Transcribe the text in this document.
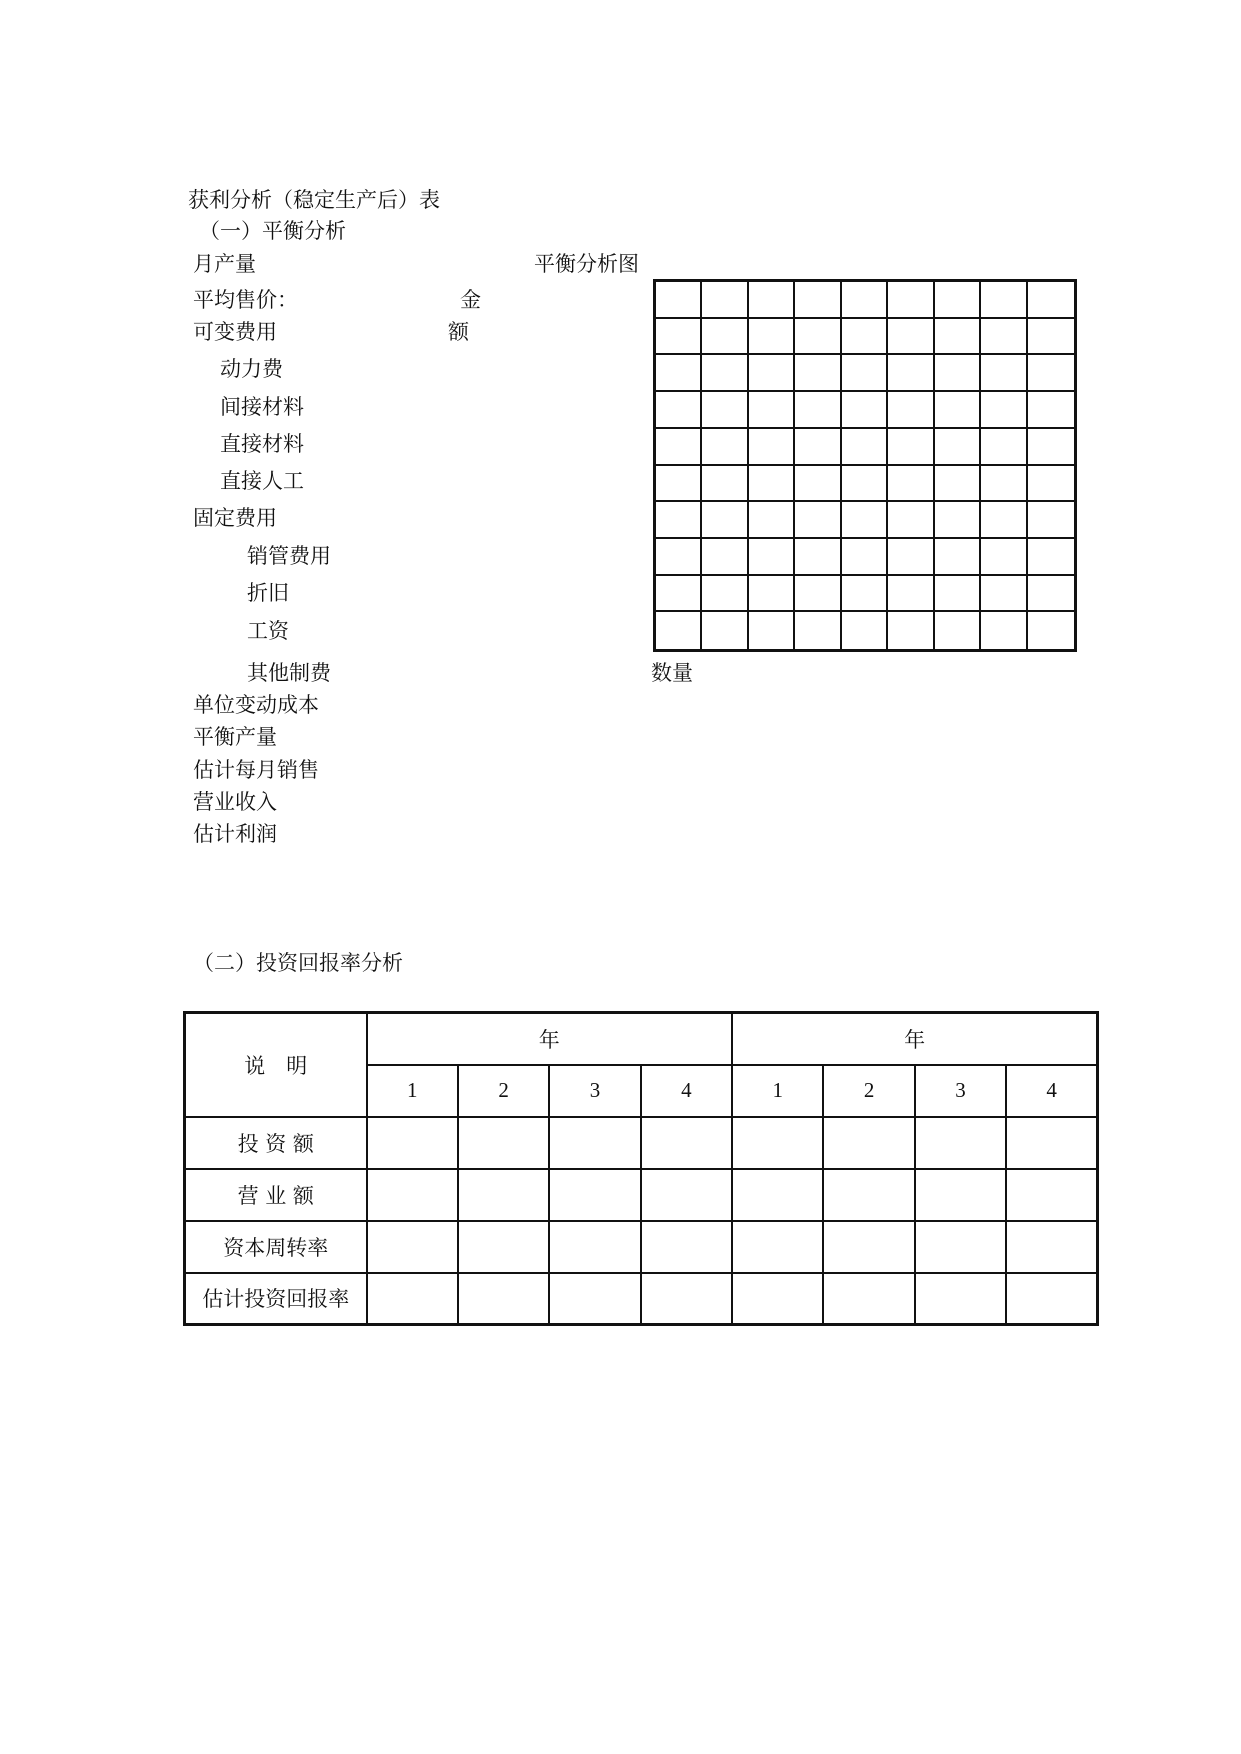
获利分析（稳定生产后）表
（一）平衡分析
月产量
平均售价：
可变费用
动力费
间接材料
直接材料
直接人工
固定费用
销管费用
折旧
工资
其他制费
单位变动成本
平衡产量
估计每月销售
营业收入
估计利润
平衡分析图
金
额
数量
（二）投资回报率分析
说　明	年				年			
	1	2	3	4	1	2	3	4
投 资 额								
营 业 额								
资本周转率								
估计投资回报率								
